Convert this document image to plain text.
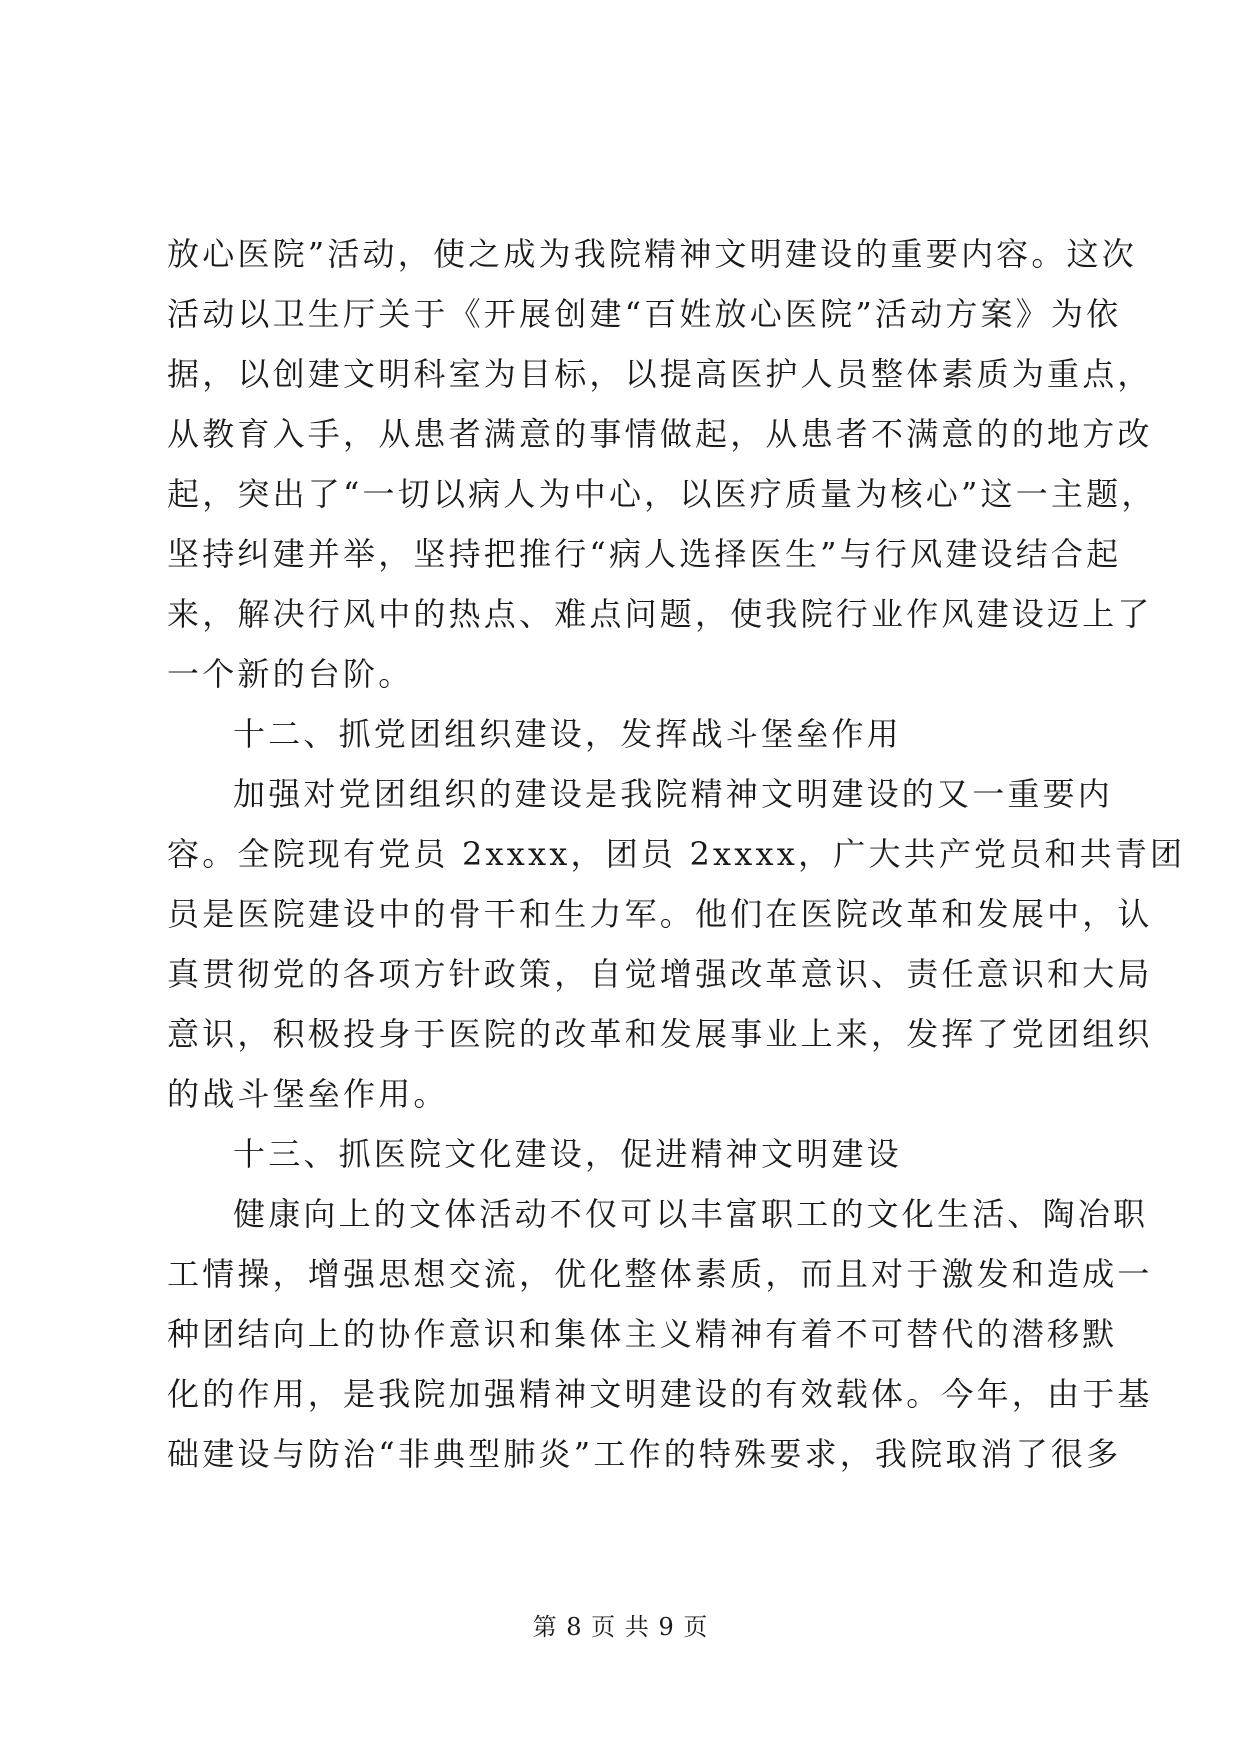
放心医院”活动，使之成为我院精神文明建设的重要内容。这次
活动以卫生厅关于《开展创建“百姓放心医院”活动方案》为依
据，以创建文明科室为目标，以提高医护人员整体素质为重点，
从教育入手，从患者满意的事情做起，从患者不满意的的地方改
起，突出了“一切以病人为中心，以医疗质量为核心”这一主题，
坚持纠建并举，坚持把推行“病人选择医生”与行风建设结合起
来，解决行风中的热点、难点问题，使我院行业作风建设迈上了
一个新的台阶。
十二、抓党团组织建设，发挥战斗堡垒作用
加强对党团组织的建设是我院精神文明建设的又一重要内
容。全院现有党员 2xxxx，团员 2xxxx，广大共产党员和共青团
员是医院建设中的骨干和生力军。他们在医院改革和发展中，认
真贯彻党的各项方针政策，自觉增强改革意识、责任意识和大局
意识，积极投身于医院的改革和发展事业上来，发挥了党团组织
的战斗堡垒作用。
十三、抓医院文化建设，促进精神文明建设
健康向上的文体活动不仅可以丰富职工的文化生活、陶冶职
工情操，增强思想交流，优化整体素质，而且对于激发和造成一
种团结向上的协作意识和集体主义精神有着不可替代的潜移默
化的作用，是我院加强精神文明建设的有效载体。今年，由于基
础建设与防治“非典型肺炎”工作的特殊要求，我院取消了很多
第 8 页 共 9 页
